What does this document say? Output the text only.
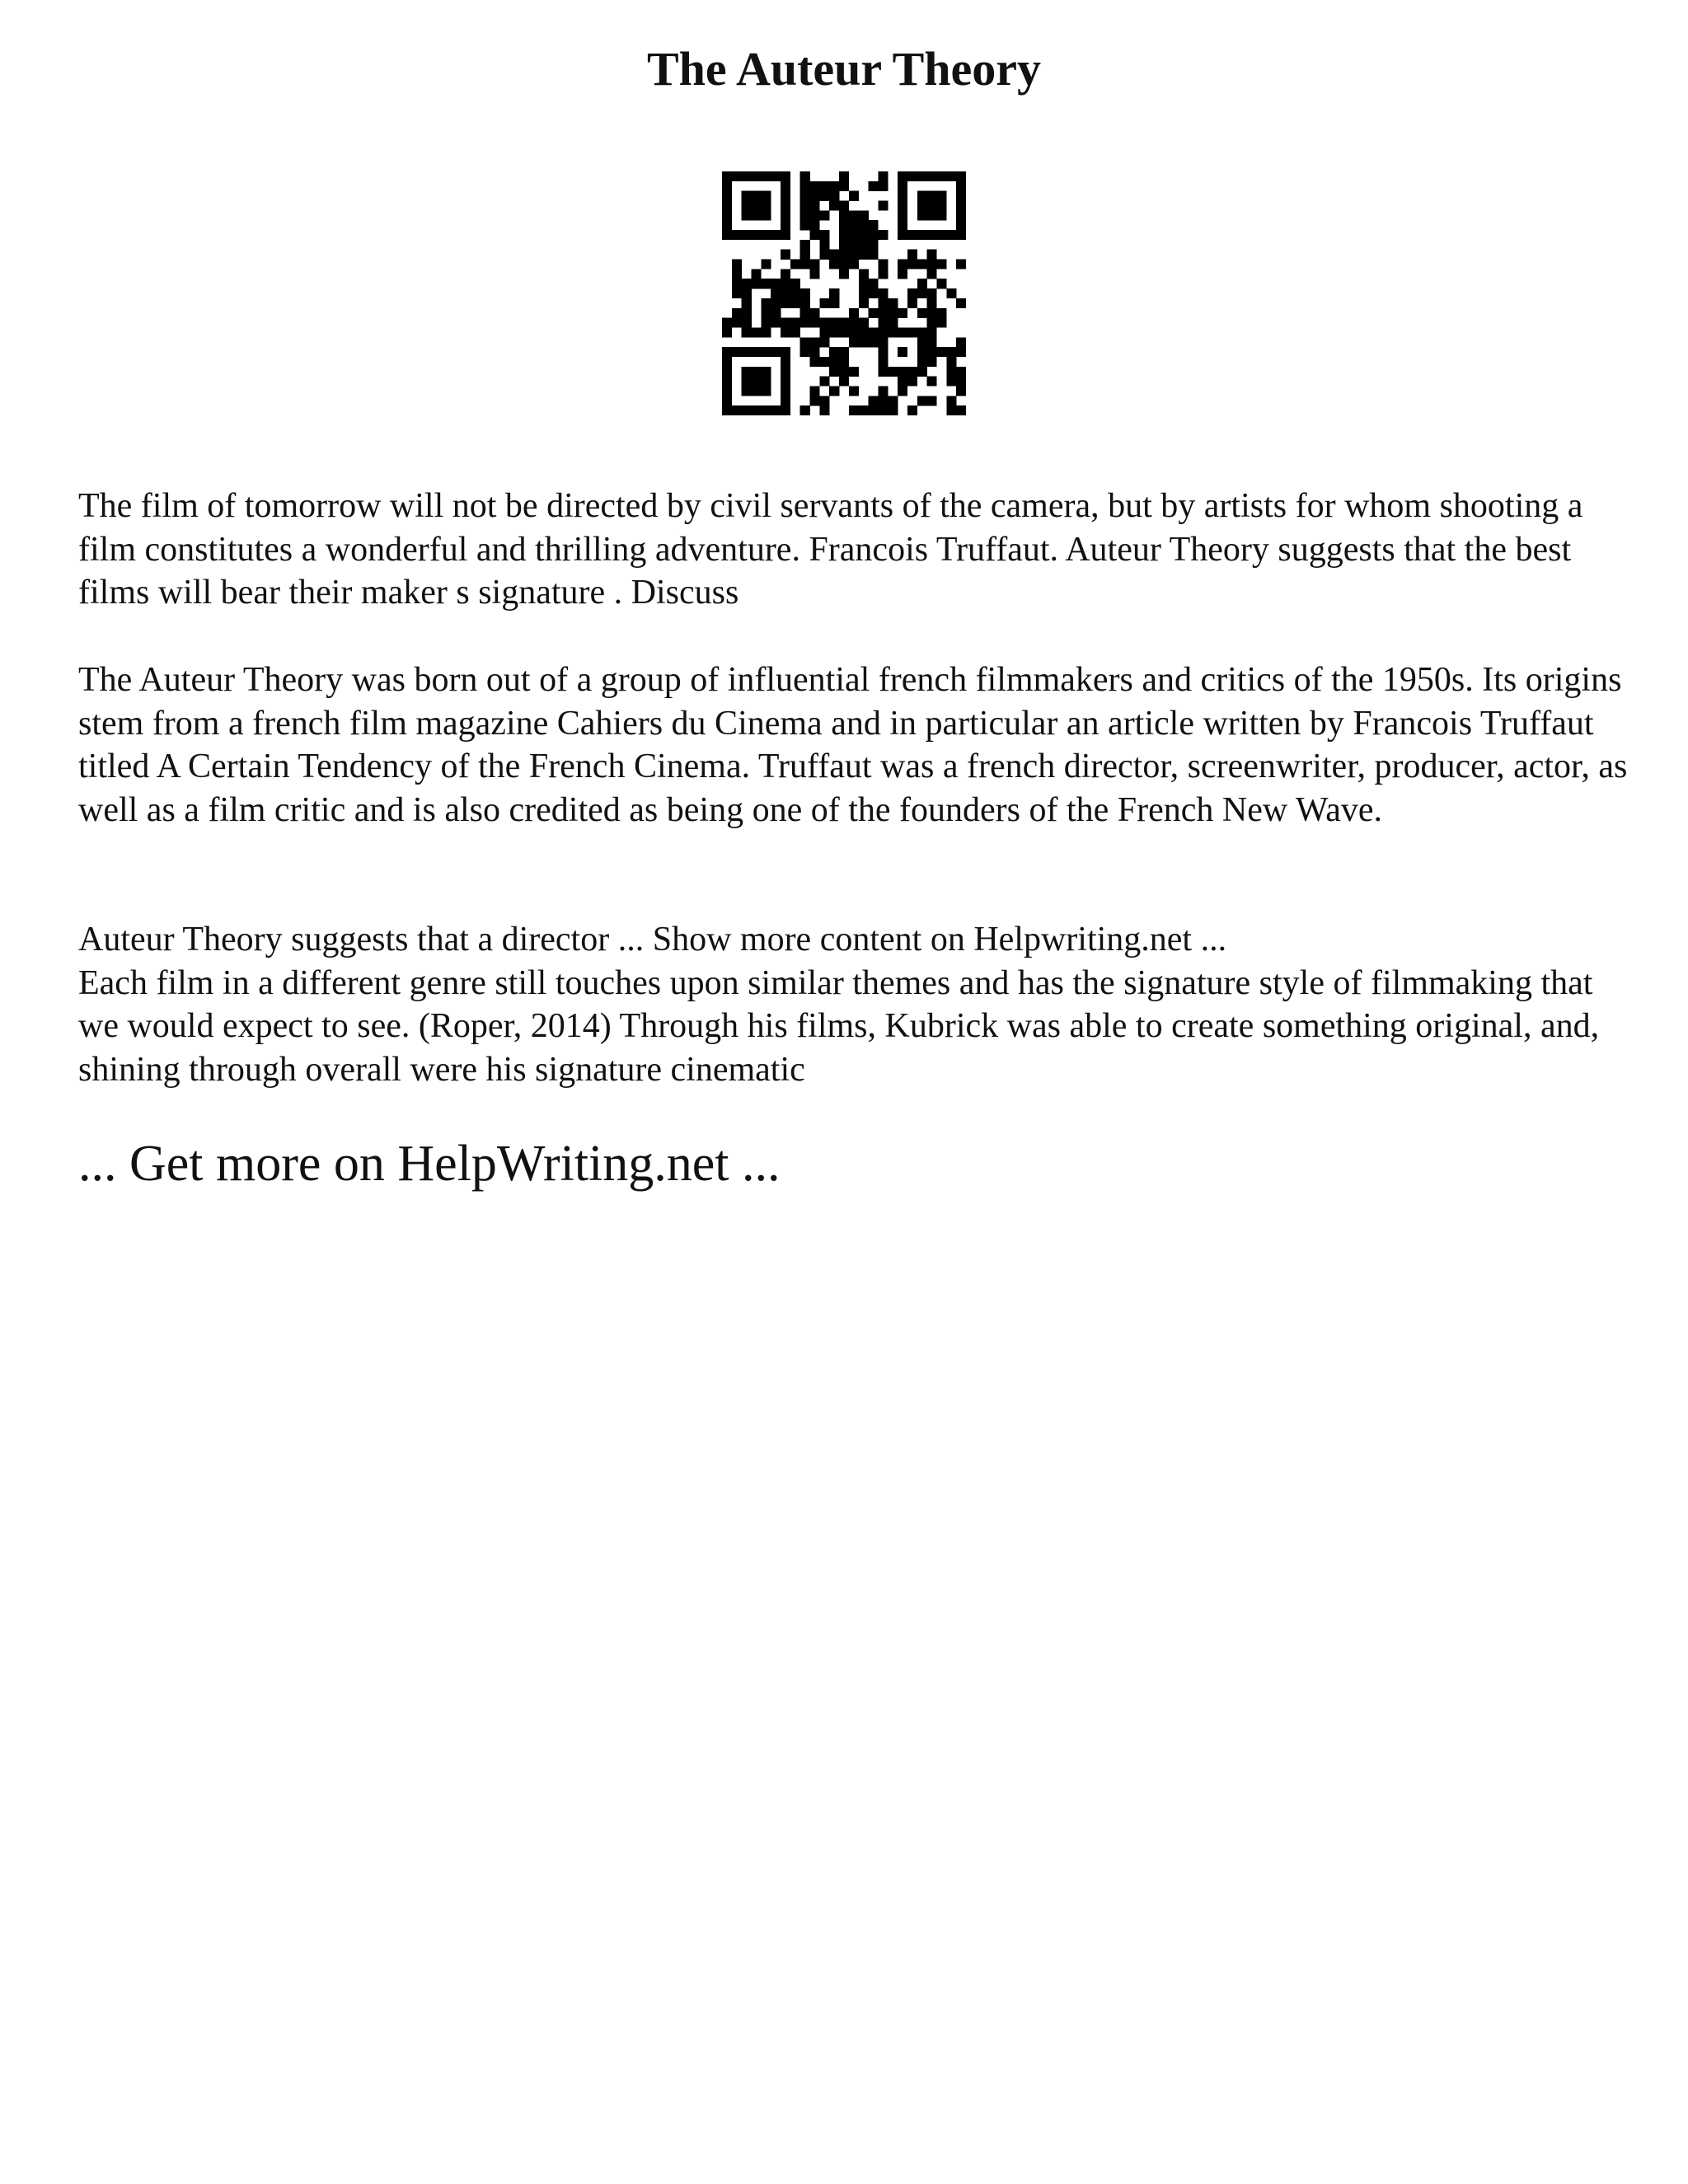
The Auteur Theory

The film of tomorrow will not be directed by civil servants of the camera, but by artists for whom shooting a film constitutes a wonderful and thrilling adventure. Francois Truffaut. Auteur Theory suggests that the best films will bear their maker s signature . Discuss

The Auteur Theory was born out of a group of influential french filmmakers and critics of the 1950s. Its origins stem from a french film magazine Cahiers du Cinema and in particular an article written by Francois Truffaut titled A Certain Tendency of the French Cinema. Truffaut was a french director, screenwriter, producer, actor, as well as a film critic and is also credited as being one of the founders of the French New Wave.

Auteur Theory suggests that a director ... Show more content on Helpwriting.net ...
Each film in a different genre still touches upon similar themes and has the signature style of filmmaking that we would expect to see. (Roper, 2014) Through his films, Kubrick was able to create something original, and, shining through overall were his signature cinematic

... Get more on HelpWriting.net ...
